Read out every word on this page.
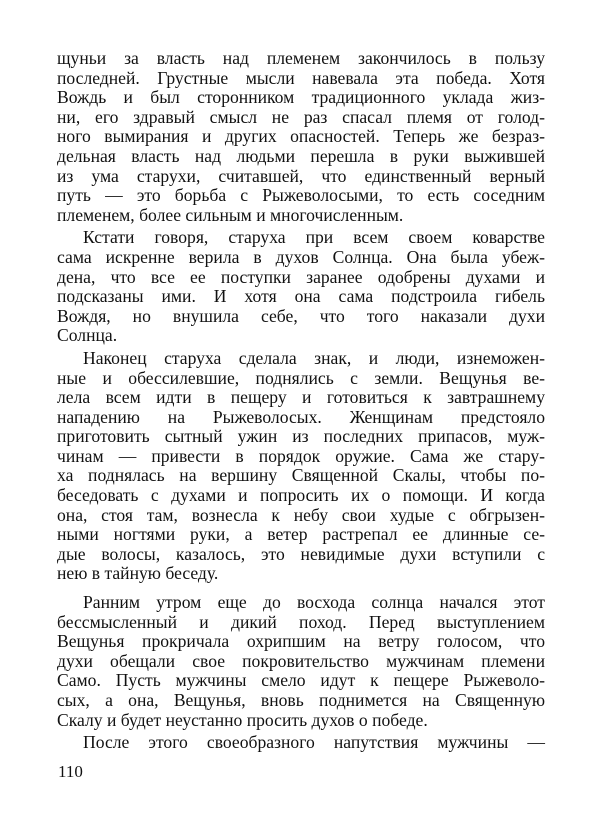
щуньи за власть над племенем закончилось в пользу
последней. Грустные мысли навевала эта победа. Хотя
Вождь и был сторонником традиционного уклада жиз-
ни, его здравый смысл не раз спасал племя от голод-
ного вымирания и других опасностей. Теперь же безраз-
дельная власть над людьми перешла в руки выжившей
из ума старухи, считавшей, что единственный верный
путь — это борьба с Рыжеволосыми, то есть соседним
племенем, более сильным и многочисленным.
Кстати говоря, старуха при всем своем коварстве
сама искренне верила в духов Солнца. Она была убеж-
дена, что все ее поступки заранее одобрены духами и
подсказаны ими. И хотя она сама подстроила гибель
Вождя, но внушила себе, что того наказали духи
Солнца.
Наконец старуха сделала знак, и люди, изнеможен-
ные и обессилевшие, поднялись с земли. Вещунья ве-
лела всем идти в пещеру и готовиться к завтрашнему
нападению на Рыжеволосых. Женщинам предстояло
приготовить сытный ужин из последних припасов, муж-
чинам — привести в порядок оружие. Сама же стару-
ха поднялась на вершину Священной Скалы, чтобы по-
беседовать с духами и попросить их о помощи. И когда
она, стоя там, вознесла к небу свои худые с обгрызен-
ными ногтями руки, а ветер растрепал ее длинные се-
дые волосы, казалось, это невидимые духи вступили с
нею в тайную беседу.
Ранним утром еще до восхода солнца начался этот
бессмысленный и дикий поход. Перед выступлением
Вещунья прокричала охрипшим на ветру голосом, что
духи обещали свое покровительство мужчинам племени
Само. Пусть мужчины смело идут к пещере Рыжеволо-
сых, а она, Вещунья, вновь поднимется на Священную
Скалу и будет неустанно просить духов о победе.
После этого своеобразного напутствия мужчины —
110
